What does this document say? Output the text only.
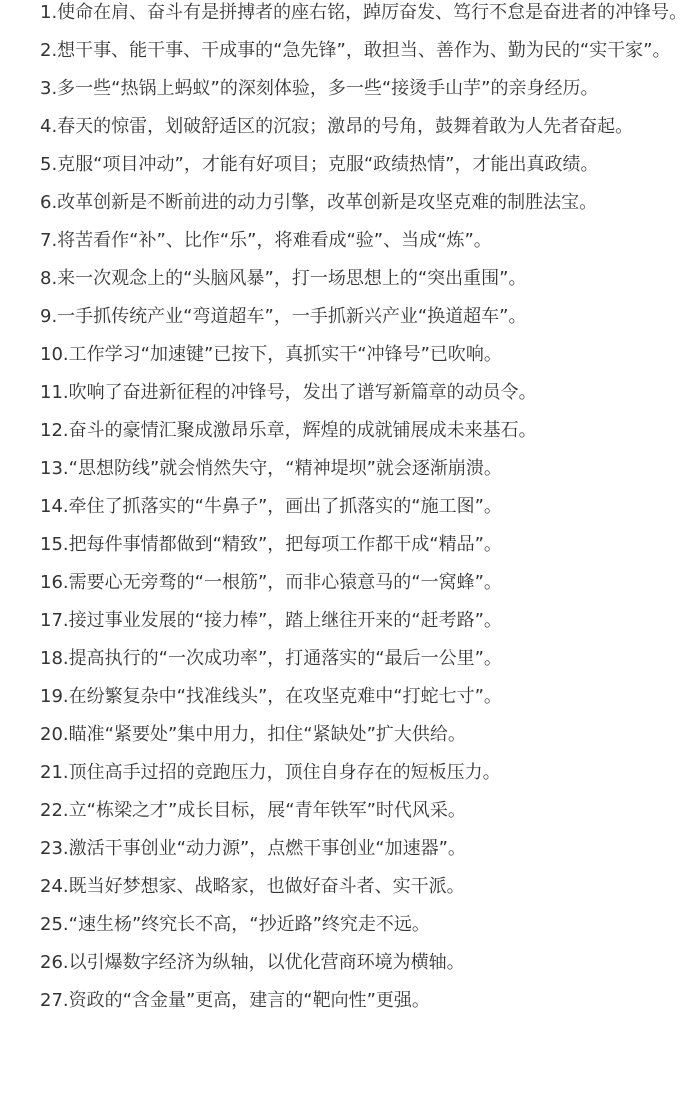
1.使命在肩、奋斗有是拼搏者的座右铭，踔厉奋发、笃行不怠是奋进者的冲锋号。

2.想干事、能干事、干成事的“急先锋”，敢担当、善作为、勤为民的“实干家”。

3.多一些“热锅上蚂蚁”的深刻体验，多一些“接烫手山芋”的亲身经历。

4.春天的惊雷，划破舒适区的沉寂；激昂的号角，鼓舞着敢为人先者奋起。

5.克服“项目冲动”，才能有好项目；克服“政绩热情”，才能出真政绩。

6.改革创新是不断前进的动力引擎，改革创新是攻坚克难的制胜法宝。

7.将苦看作“补”、比作“乐”，将难看成“验”、当成“炼”。

8.来一次观念上的“头脑风暴”，打一场思想上的“突出重围”。

9.一手抓传统产业“弯道超车”，一手抓新兴产业“换道超车”。

10.工作学习“加速键”已按下，真抓实干“冲锋号”已吹响。

11.吹响了奋进新征程的冲锋号，发出了谱写新篇章的动员令。

12.奋斗的豪情汇聚成激昂乐章，辉煌的成就铺展成未来基石。

13.“思想防线”就会悄然失守，“精神堤坝”就会逐渐崩溃。

14.牵住了抓落实的“牛鼻子”，画出了抓落实的“施工图”。

15.把每件事情都做到“精致”，把每项工作都干成“精品”。

16.需要心无旁骛的“一根筋”，而非心猿意马的“一窝蜂”。

17.接过事业发展的“接力棒”，踏上继往开来的“赶考路”。

18.提高执行的“一次成功率”，打通落实的“最后一公里”。

19.在纷繁复杂中“找准线头”，在攻坚克难中“打蛇七寸”。

20.瞄准“紧要处”集中用力，扣住“紧缺处”扩大供给。

21.顶住高手过招的竞跑压力，顶住自身存在的短板压力。

22.立“栋梁之才”成长目标，展“青年铁军”时代风采。

23.激活干事创业“动力源”，点燃干事创业“加速器”。

24.既当好梦想家、战略家，也做好奋斗者、实干派。

25.“速生杨”终究长不高，“抄近路”终究走不远。

26.以引爆数字经济为纵轴，以优化营商环境为横轴。

27.资政的“含金量”更高，建言的“靶向性”更强。
